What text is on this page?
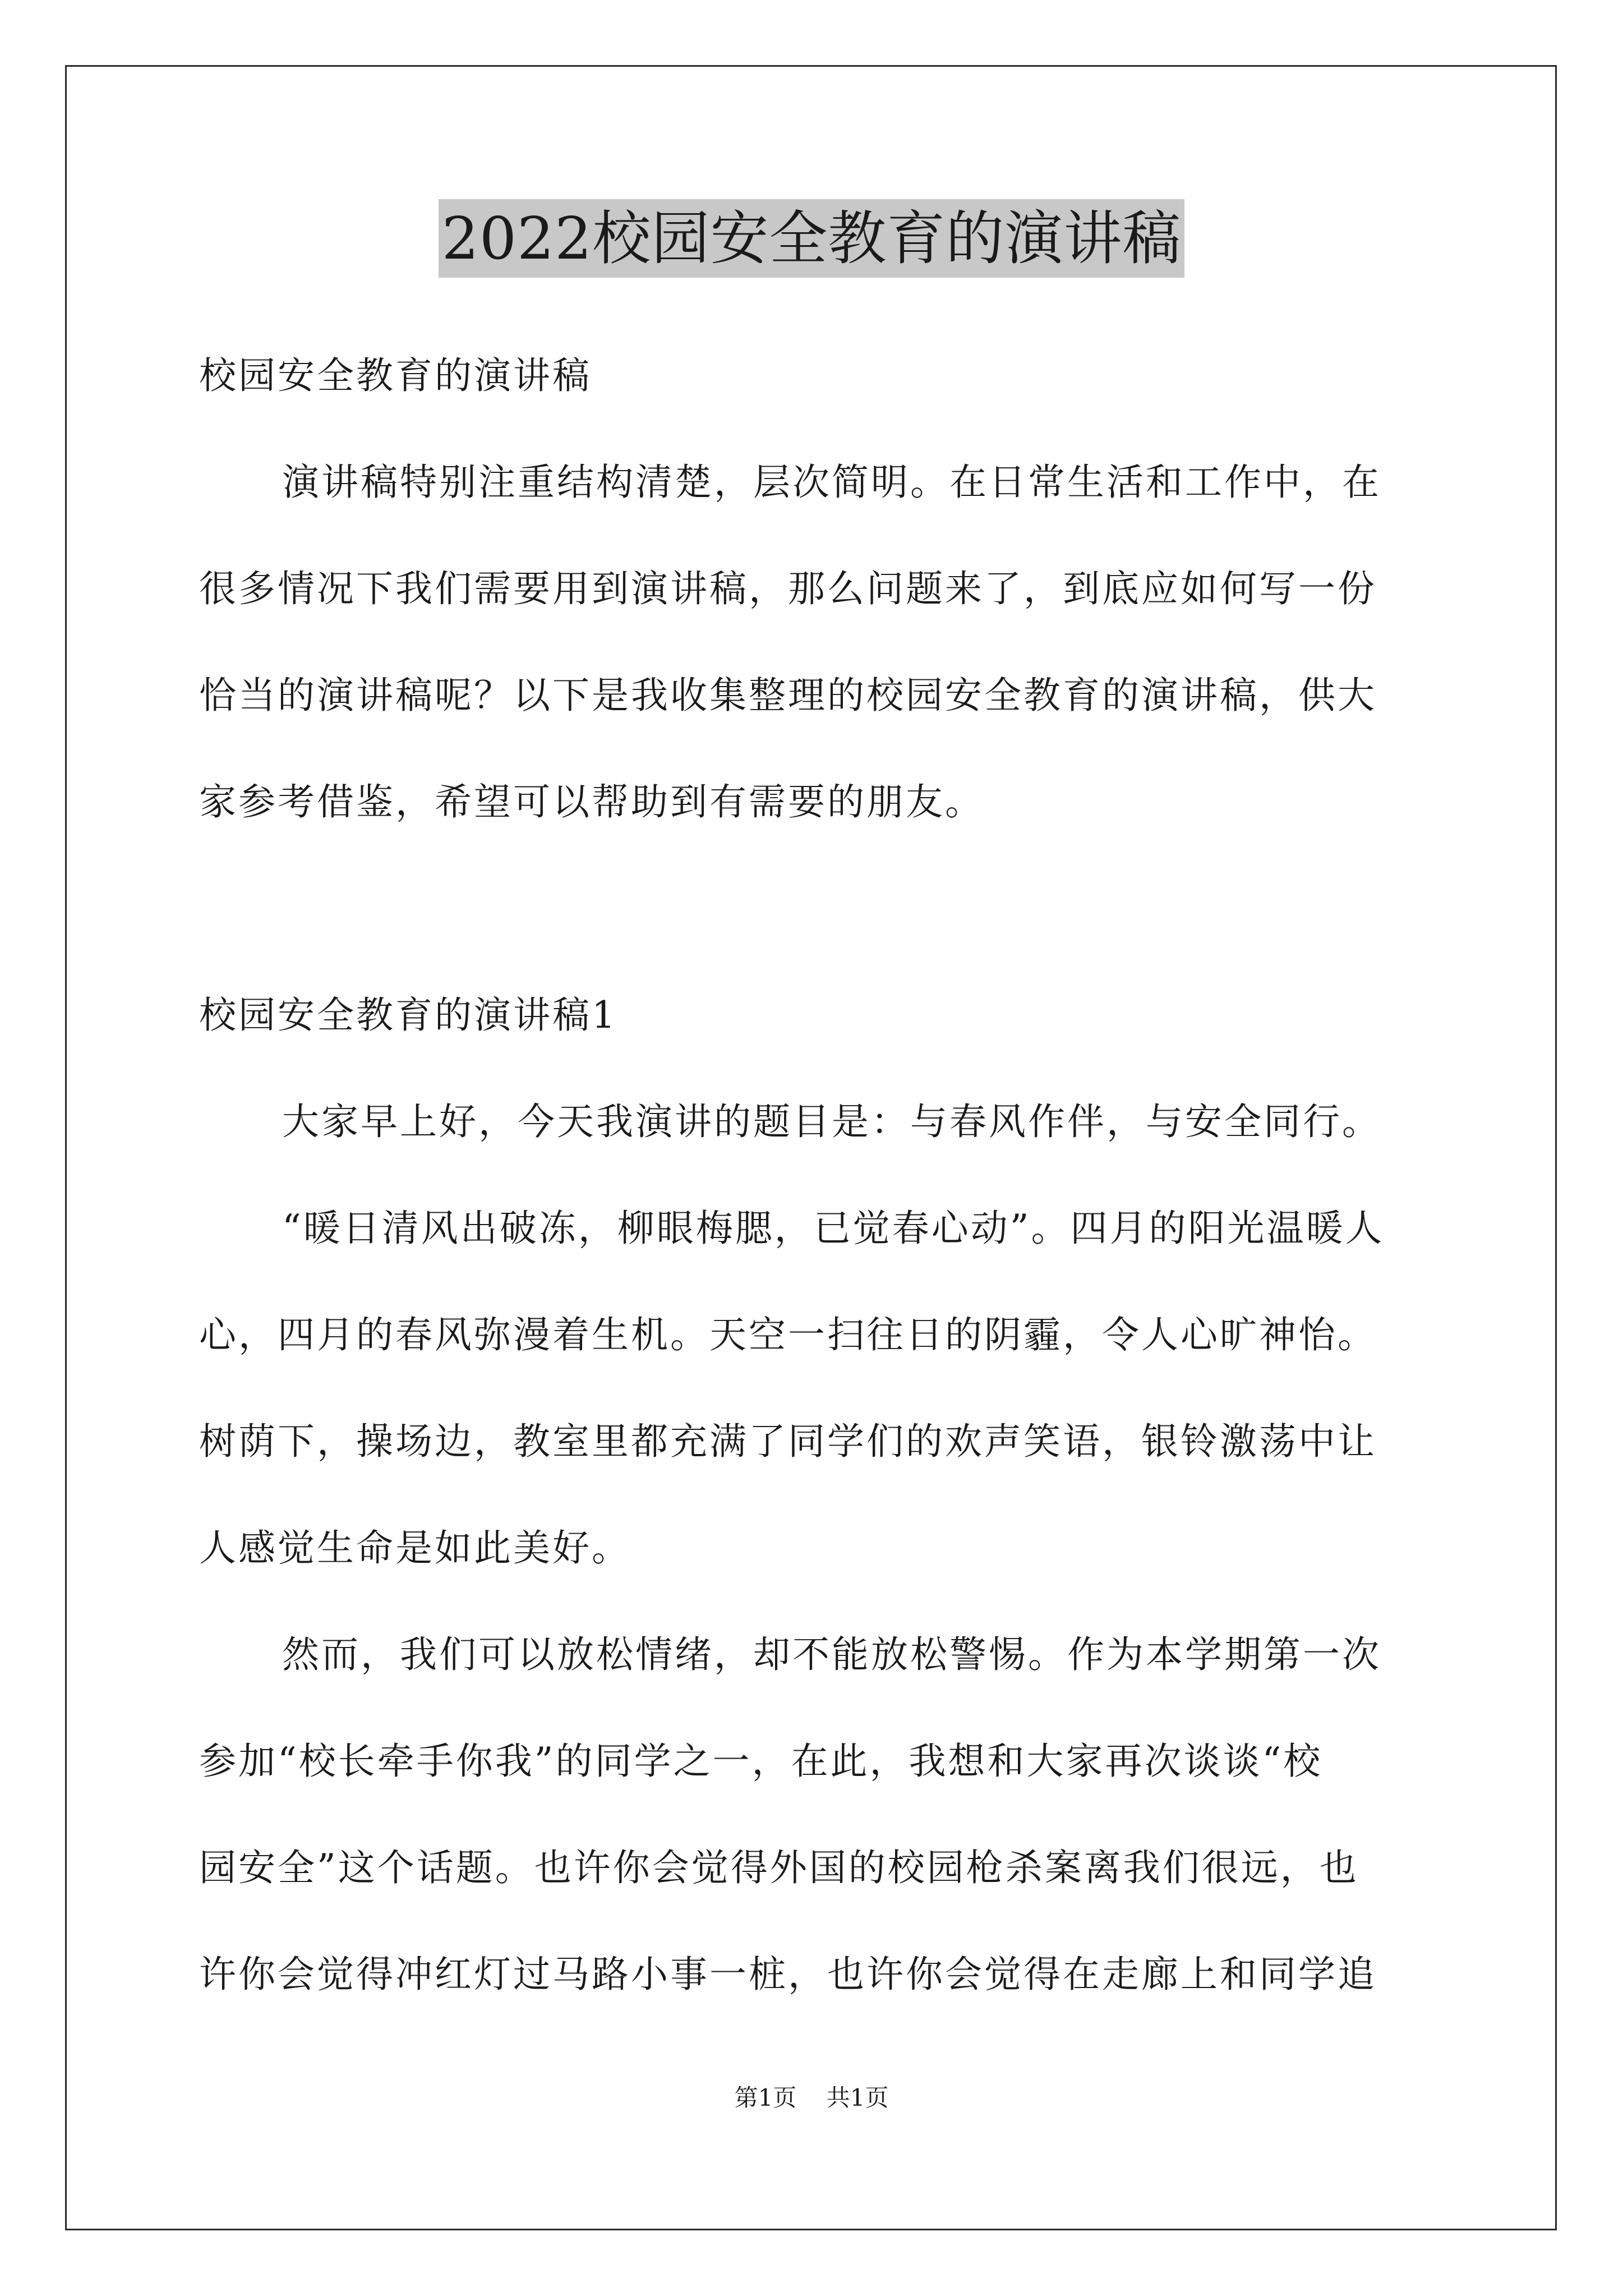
2022校园安全教育的演讲稿
校园安全教育的演讲稿
演讲稿特别注重结构清楚，层次简明。在日常生活和工作中，在
很多情况下我们需要用到演讲稿，那么问题来了，到底应如何写一份
恰当的演讲稿呢？以下是我收集整理的校园安全教育的演讲稿，供大
家参考借鉴，希望可以帮助到有需要的朋友。
校园安全教育的演讲稿1
大家早上好，今天我演讲的题目是：与春风作伴，与安全同行。
“暖日清风出破冻，柳眼梅腮，已觉春心动”。四月的阳光温暖人
心，四月的春风弥漫着生机。天空一扫往日的阴霾，令人心旷神怡。
树荫下，操场边，教室里都充满了同学们的欢声笑语，银铃激荡中让
人感觉生命是如此美好。
然而，我们可以放松情绪，却不能放松警惕。作为本学期第一次
参加“校长牵手你我”的同学之一，在此，我想和大家再次谈谈“校
园安全”这个话题。也许你会觉得外国的校园枪杀案离我们很远，也
许你会觉得冲红灯过马路小事一桩，也许你会觉得在走廊上和同学追
第1页 共1页
